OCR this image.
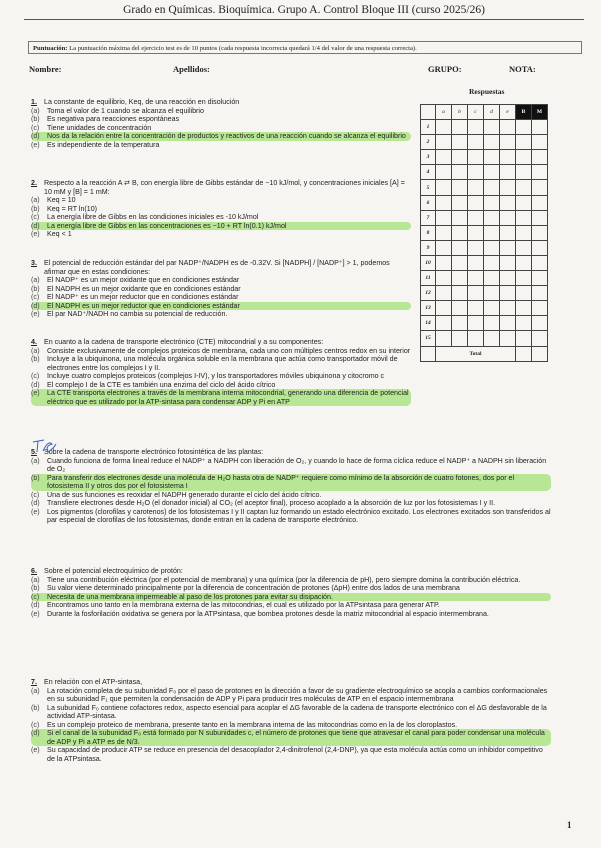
Grado en Químicas. Bioquímica. Grupo A. Control Bloque III (curso 2025/26)
Puntuación: La puntuación máxima del ejercicio test es de 10 puntos (cada respuesta incorrecta quedará 1/4 del valor de una respuesta correcta).
Nombre:	Apellidos:	GRUPO:	NOTA:
Respuestas
	a	b	c	d	e	B	M
1							
2							
3							
4							
5							
6							
7							
8							
9							
10							
11							
12							
13							
14							
15							
	Total						
1. La constante de equilibrio, Keq, de una reacción en disolución
(a)	Toma el valor de 1 cuando se alcanza el equilibrio
(b)	Es negativa para reacciones espontáneas
(c)	Tiene unidades de concentración
(d)	Nos da la relación entre la concentración de productos y reactivos de una reacción cuando se alcanza el equilibrio
(e)	Es independiente de la temperatura
2. Respecto a la reacción A ⇄ B, con energía libre de Gibbs estándar de −10 kJ/mol, y concentraciones iniciales [A] = 10 mM y [B] = 1 mM:
(a)	Keq = 10
(b)	Keq = RT ln(10)
(c)	La energía libre de Gibbs en las condiciones iniciales es -10 kJ/mol
(d)	La energía libre de Gibbs en las concentraciones es −10 + RT ln(0.1) kJ/mol
(e)	Keq < 1
3. El potencial de reducción estándar del par NADP⁺/NADPH es de -0.32V. Si [NADPH] / [NADP⁺] > 1, podemos afirmar que en estas condiciones:
(a)	El NADP⁺ es un mejor oxidante que en condiciones estándar
(b)	El NADPH es un mejor oxidante que en condiciones estándar
(c)	El NADP⁺ es un mejor reductor que en condiciones estándar
(d)	El NADPH es un mejor reductor que en condiciones estándar
(e)	El par NAD⁺/NADH no cambia su potencial de reducción.
4. En cuanto a la cadena de transporte electrónico (CTE) mitocondrial y a su componentes:
(a)	Consiste exclusivamente de complejos proteicos de membrana, cada uno con múltiples centros redox en su interior
(b)	Incluye a la ubiquinona, una molécula orgánica soluble en la membrana que actúa como transportador móvil de electrones entre los complejos I y II.
(c)	Incluye cuatro complejos proteicos (complejos I-IV), y los transportadores móviles ubiquinona y citocromo c
(d)	El complejo I de la CTE es también una enzima del ciclo del ácido cítrico
(e)	La CTE transporta electrones a través de la membrana interna mitocondrial, generando una diferencia de potencial eléctrico que es utilizado por la ATP-sintasa para condensar ADP y Pi en ATP
5. Sobre la cadena de transporte electrónico fotosintética de las plantas:
(a)	Cuando funciona de forma lineal reduce el NADP⁺ a NADPH con liberación de O₂, y cuando lo hace de forma cíclica reduce el NADP⁺ a NADPH sin liberación de O₂
(b)	Para transferir dos electrones desde una molécula de H₂O hasta otra de NADP⁺ requiere como mínimo de la absorción de cuatro fotones, dos por el fotosistema II y otros dos por el fotosistema I
(c)	Una de sus funciones es reoxidar el NADPH generado durante el ciclo del ácido cítrico.
(d)	Transfiere electrones desde H₂O (el donador inicial) al CO₂ (el aceptor final), proceso acoplado a la absorción de luz por los fotosistemas I y II.
(e)	Los pigmentos (clorofilas y carotenos) de los fotosistemas I y II captan luz formando un estado electrónico excitado. Los electrones excitados son transferidos al par especial de clorofilas de los fotosistemas, donde entran en la cadena de transporte electrónico.
6. Sobre el potencial electroquímico de protón:
(a)	Tiene una contribución eléctrica (por el potencial de membrana) y una química (por la diferencia de pH), pero siempre domina la contribución eléctrica.
(b)	Su valor viene determinado principalmente por la diferencia de concentración de protones (ΔpH) entre dos lados de una membrana
(c)	Necesita de una membrana impermeable al paso de los protones para evitar su disipación.
(d)	Encontramos uno tanto en la membrana externa de las mitocondrias, el cual es utilizado por la ATPsintasa para generar ATP.
(e)	Durante la fosforilación oxidativa se genera por la ATPsintasa, que bombea protones desde la matriz mitocondrial al espacio intermembrana.
7. En relación con el ATP-sintasa,
(a)	La rotación completa de su subunidad F₀ por el paso de protones en la dirección a favor de su gradiente electroquímico se acopla a cambios conformacionales en su subunidad F₁ que permiten la condensación de ADP y Pi para producir tres moléculas de ATP en el espacio intermembrana
(b)	La subunidad F₀ contiene cofactores redox, aspecto esencial para acoplar el ΔG favorable de la cadena de transporte electrónico con el ΔG desfavorable de la actividad ATP-sintasa.
(c)	Es un complejo proteico de membrana, presente tanto en la membrana interna de las mitocondrias como en la de los cloroplastos.
(d)	Si el canal de la subunidad F₀ está formado por N subunidades c, el número de protones que tiene que atravesar el canal para poder condensar una molécula de ADP y Pi a ATP es de N/3.
(e)	Su capacidad de producir ATP se reduce en presencia del desacoplador 2,4-dinitrofenol (2,4-DNP), ya que esta molécula actúa como un inhibidor competitivo de la ATPsintasa.
1
